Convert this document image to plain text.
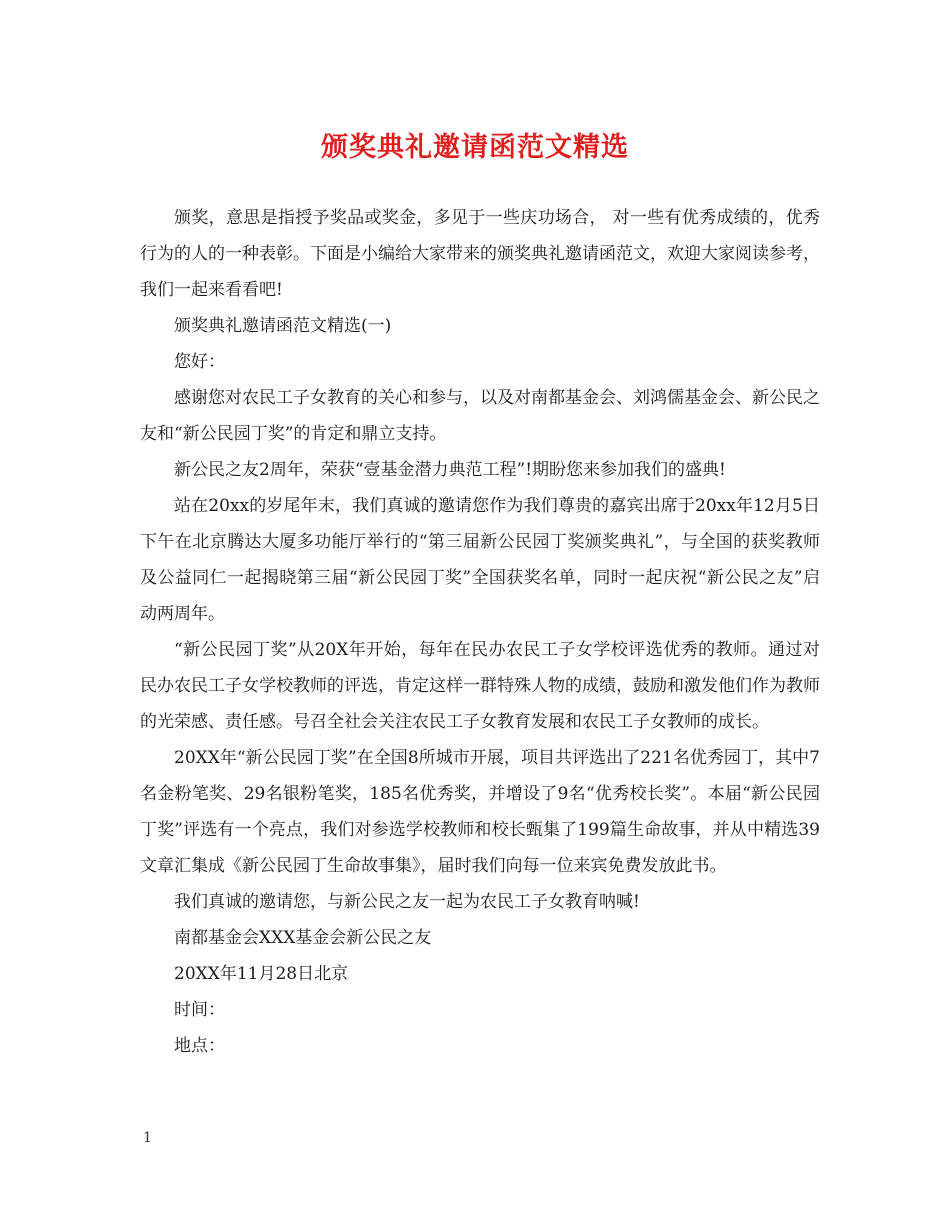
颁奖典礼邀请函范文精选

颁奖，意思是指授予奖品或奖金，多见于一些庆功场合， 对一些有优秀成绩的，优秀行为的人的一种表彰。下面是小编给大家带来的颁奖典礼邀请函范文，欢迎大家阅读参考，我们一起来看看吧!

颁奖典礼邀请函范文精选(一)

您好：

感谢您对农民工子女教育的关心和参与，以及对南都基金会、刘鸿儒基金会、新公民之友和“新公民园丁奖”的肯定和鼎立支持。

新公民之友2周年，荣获“壹基金潜力典范工程”!期盼您来参加我们的盛典!

站在20xx的岁尾年末，我们真诚的邀请您作为我们尊贵的嘉宾出席于20xx年12月5日下午在北京腾达大厦多功能厅举行的“第三届新公民园丁奖颁奖典礼”，与全国的获奖教师及公益同仁一起揭晓第三届“新公民园丁奖”全国获奖名单，同时一起庆祝“新公民之友”启动两周年。

“新公民园丁奖”从20X年开始，每年在民办农民工子女学校评选优秀的教师。通过对民办农民工子女学校教师的评选，肯定这样一群特殊人物的成绩，鼓励和激发他们作为教师的光荣感、责任感。号召全社会关注农民工子女教育发展和农民工子女教师的成长。

20XX年“新公民园丁奖”在全国8所城市开展，项目共评选出了221名优秀园丁，其中7名金粉笔奖、29名银粉笔奖，185名优秀奖，并增设了9名“优秀校长奖”。本届“新公民园丁奖”评选有一个亮点，我们对参选学校教师和校长甄集了199篇生命故事，并从中精选39文章汇集成《新公民园丁生命故事集》，届时我们向每一位来宾免费发放此书。

我们真诚的邀请您，与新公民之友一起为农民工子女教育呐喊!

南都基金会XXX基金会新公民之友

20XX年11月28日北京

时间：

地点：

1
